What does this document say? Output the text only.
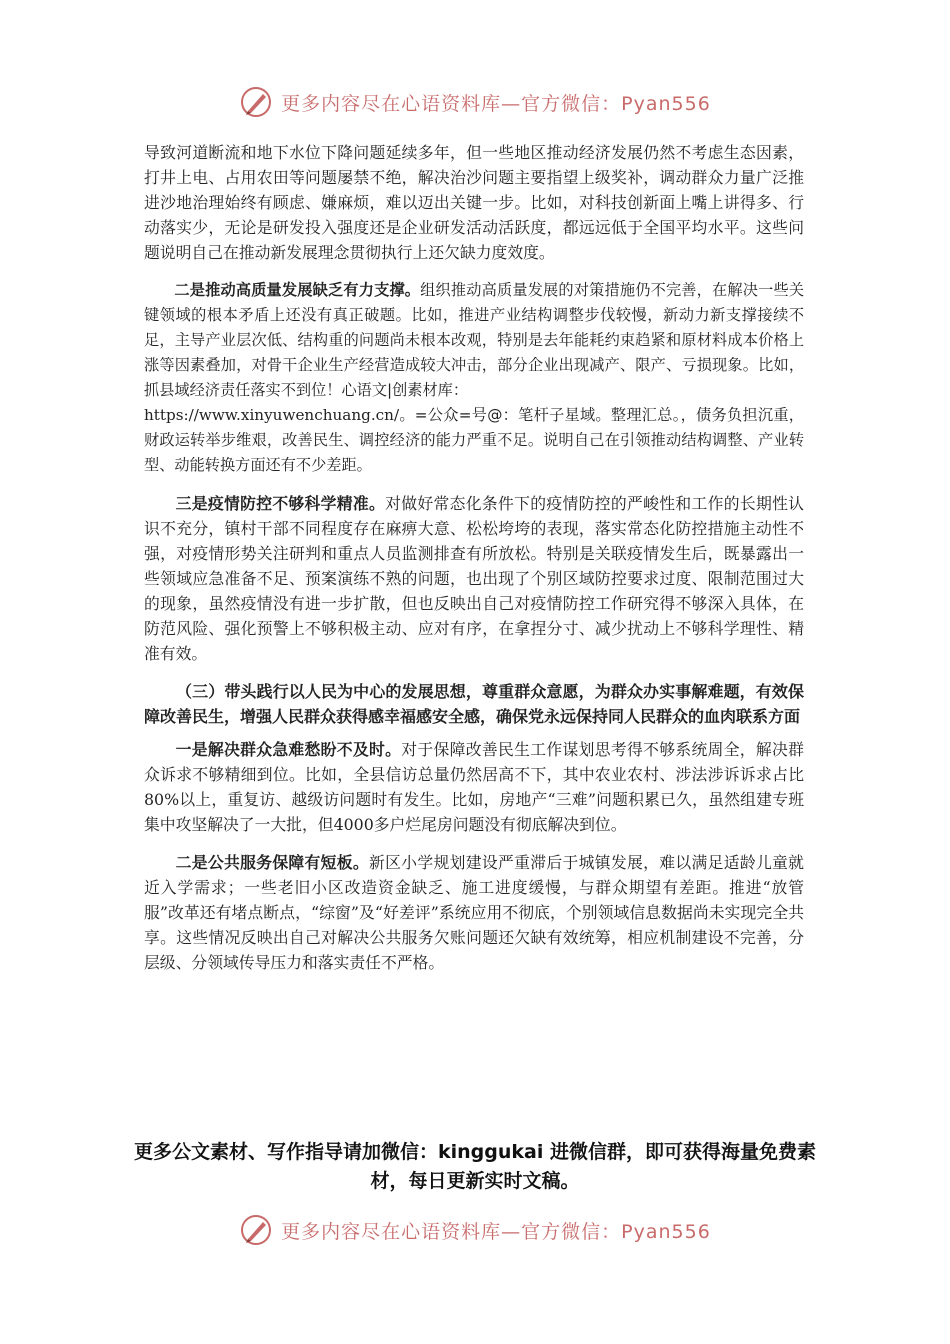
更多内容尽在心语资料库—官方微信：Pyan556

导致河道断流和地下水位下降问题延续多年，但一些地区推动经济发展仍然不考虑生态因素，打井上电、占用农田等问题屡禁不绝，解决治沙问题主要指望上级奖补，调动群众力量广泛推进沙地治理始终有顾虑、嫌麻烦，难以迈出关键一步。比如，对科技创新面上嘴上讲得多、行动落实少，无论是研发投入强度还是企业研发活动活跃度，都远远低于全国平均水平。这些问题说明自己在推动新发展理念贯彻执行上还欠缺力度效度。

二是推动高质量发展缺乏有力支撑。组织推动高质量发展的对策措施仍不完善，在解决一些关键领域的根本矛盾上还没有真正破题。比如，推进产业结构调整步伐较慢，新动力新支撑接续不足，主导产业层次低、结构重的问题尚未根本改观，特别是去年能耗约束趋紧和原材料成本价格上涨等因素叠加，对骨干企业生产经营造成较大冲击，部分企业出现减产、限产、亏损现象。比如，抓县域经济责任落实不到位！心语文|创素材库：
https://www.xinyuwenchuang.cn/。=公众=号@：笔杆子星域。整理汇总。，债务负担沉重，财政运转举步维艰，改善民生、调控经济的能力严重不足。说明自己在引领推动结构调整、产业转型、动能转换方面还有不少差距。

三是疫情防控不够科学精准。对做好常态化条件下的疫情防控的严峻性和工作的长期性认识不充分，镇村干部不同程度存在麻痹大意、松松垮垮的表现，落实常态化防控措施主动性不强，对疫情形势关注研判和重点人员监测排查有所放松。特别是关联疫情发生后，既暴露出一些领域应急准备不足、预案演练不熟的问题，也出现了个别区域防控要求过度、限制范围过大的现象，虽然疫情没有进一步扩散，但也反映出自己对疫情防控工作研究得不够深入具体，在防范风险、强化预警上不够积极主动、应对有序，在拿捏分寸、减少扰动上不够科学理性、精准有效。

（三）带头践行以人民为中心的发展思想，尊重群众意愿，为群众办实事解难题，有效保障改善民生，增强人民群众获得感幸福感安全感，确保党永远保持同人民群众的血肉联系方面

一是解决群众急难愁盼不及时。对于保障改善民生工作谋划思考得不够系统周全，解决群众诉求不够精细到位。比如，全县信访总量仍然居高不下，其中农业农村、涉法涉诉诉求占比80%以上，重复访、越级访问题时有发生。比如，房地产“三难”问题积累已久，虽然组建专班集中攻坚解决了一大批，但4000多户烂尾房问题没有彻底解决到位。

二是公共服务保障有短板。新区小学规划建设严重滞后于城镇发展，难以满足适龄儿童就近入学需求；一些老旧小区改造资金缺乏、施工进度缓慢，与群众期望有差距。推进“放管服”改革还有堵点断点，“综窗”及“好差评”系统应用不彻底，个别领域信息数据尚未实现完全共享。这些情况反映出自己对解决公共服务欠账问题还欠缺有效统筹，相应机制建设不完善，分层级、分领域传导压力和落实责任不严格。

更多公文素材、写作指导请加微信：kinggukai 进微信群，即可获得海量免费素材，每日更新实时文稿。
更多内容尽在心语资料库—官方微信：Pyan556
